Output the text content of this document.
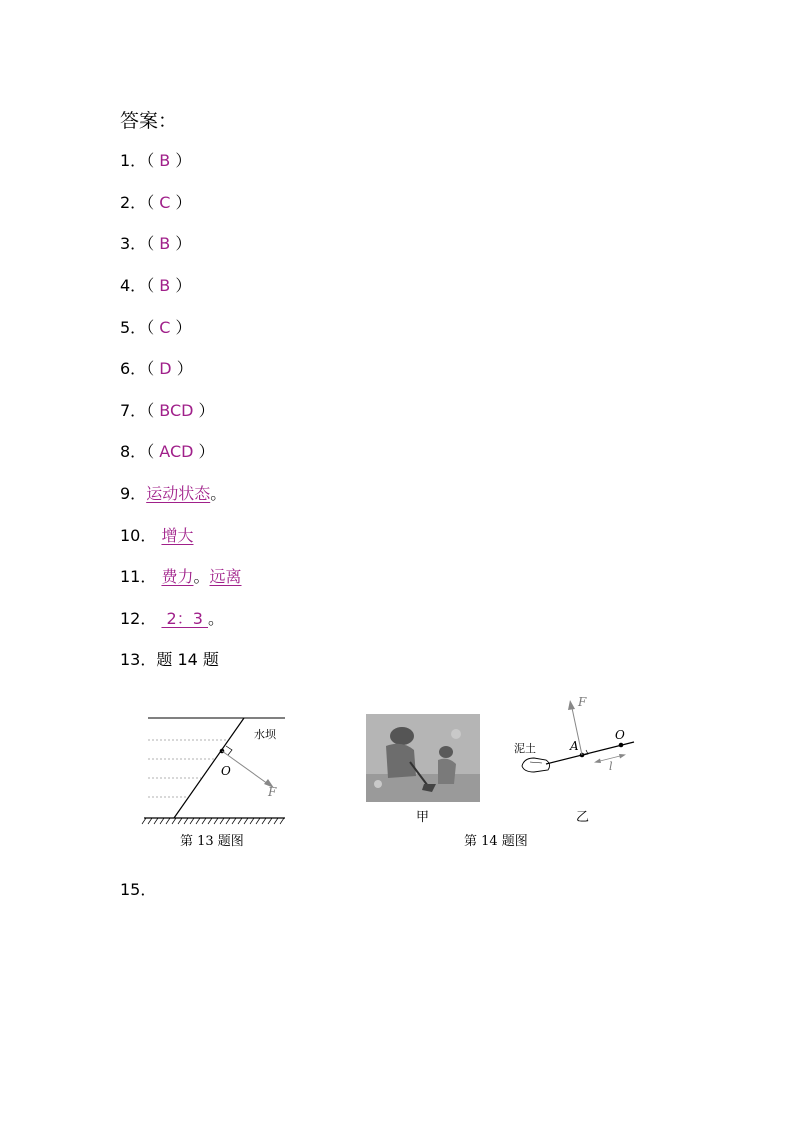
答案：
1．（ B ）
2．（ C ）
3．（ B ）
4．（ B ）
5．（ C ）
6．（ D ）
7．（ BCD ）
8．（ ACD ）
9．运动状态。
10． 增大
11． 费力。远离
12．  2：3 。
13．题 14 题
水坝
O
F
第 13 题图
甲
泥土	A
O
F
l
乙
第 14 题图
15．
